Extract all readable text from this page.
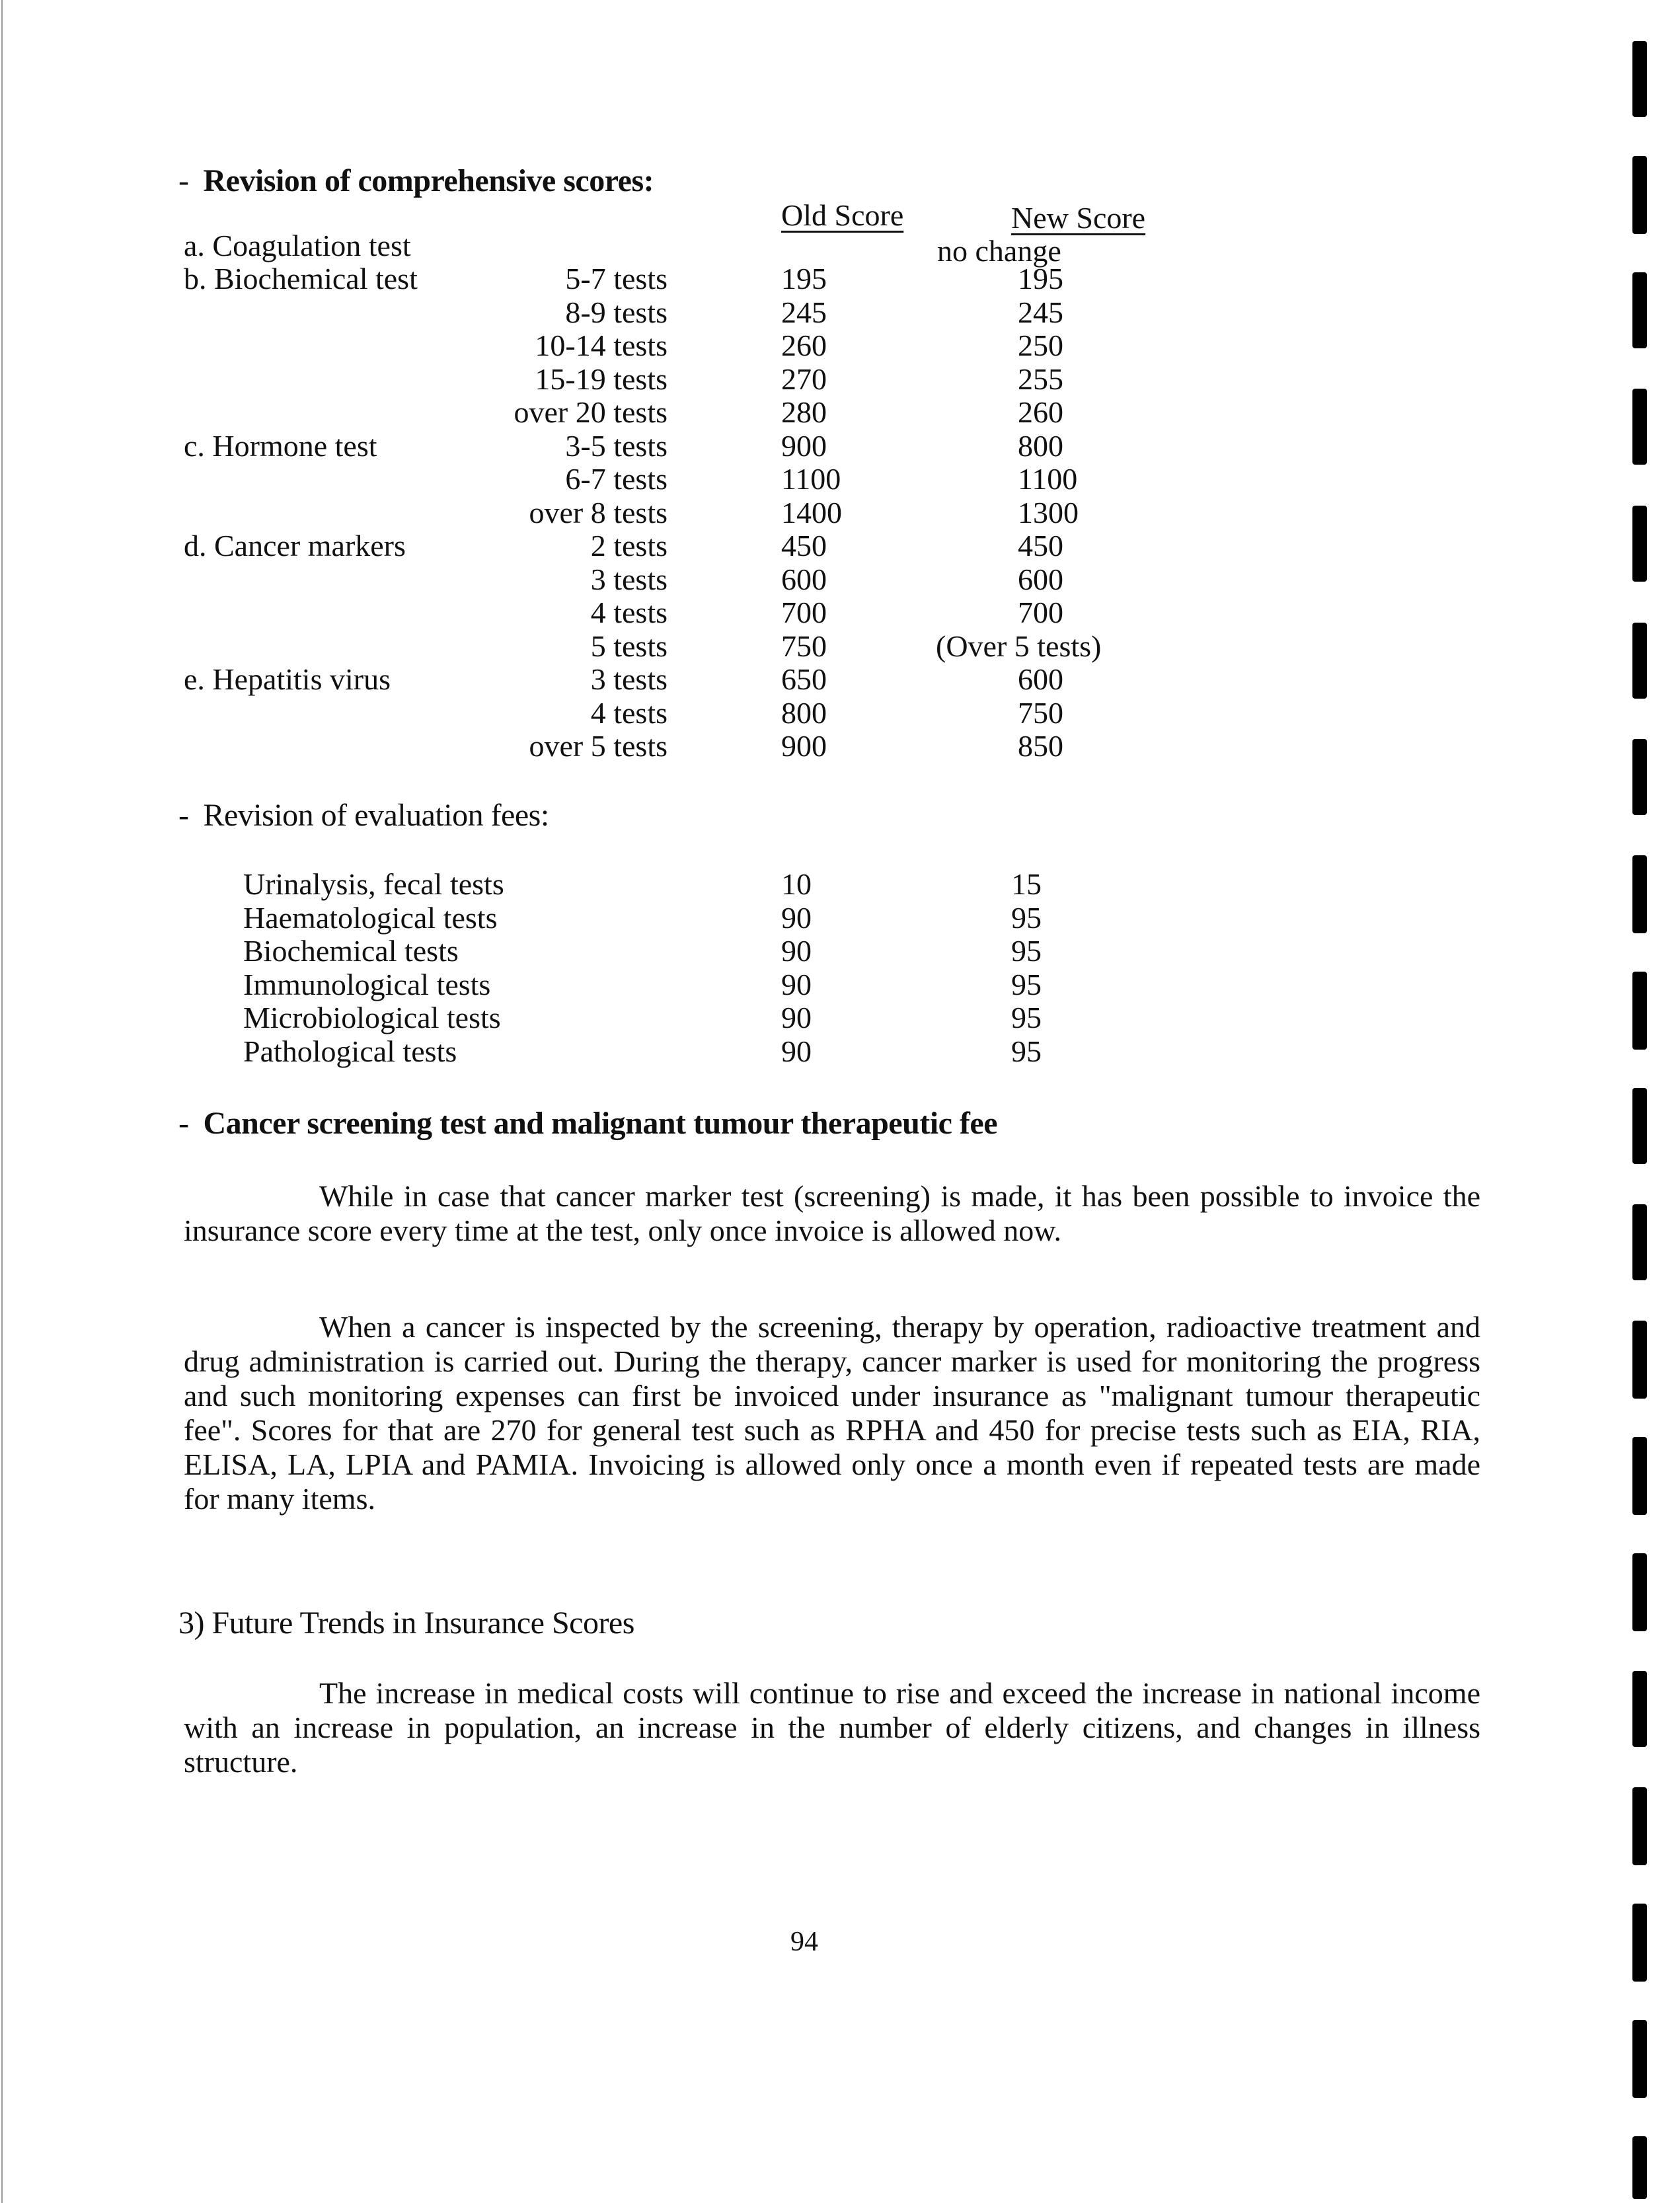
- Revision of comprehensive scores:
Old Score	New Score
a. Coagulation test	no change
b. Biochemical test	5-7 tests	195	195
8-9 tests	245	245
10-14 tests	260	250
15-19 tests	270	255
over 20 tests	280	260
c. Hormone test	3-5 tests	900	800
6-7 tests	1100	1100
over 8 tests	1400	1300
d. Cancer markers	2 tests	450	450
3 tests	600	600
4 tests	700	700
5 tests	750	(Over 5 tests)
e. Hepatitis virus	3 tests	650	600
4 tests	800	750
over 5 tests	900	850
- Revision of evaluation fees:
Urinalysis, fecal tests	10	15
Haematological tests	90	95
Biochemical tests	90	95
Immunological tests	90	95
Microbiological tests	90	95
Pathological tests	90	95
- Cancer screening test and malignant tumour therapeutic fee
While in case that cancer marker test (screening) is made, it has been possible to invoice the insurance score every time at the test, only once invoice is allowed now.
When a cancer is inspected by the screening, therapy by operation, radioactive treatment and drug administration is carried out. During the therapy, cancer marker is used for monitoring the progress and such monitoring expenses can first be invoiced under insurance as "malignant tumour therapeutic fee". Scores for that are 270 for general test such as RPHA and 450 for precise tests such as EIA, RIA, ELISA, LA, LPIA and PAMIA. Invoicing is allowed only once a month even if repeated tests are made for many items.
3) Future Trends in Insurance Scores
The increase in medical costs will continue to rise and exceed the increase in national income with an increase in population, an increase in the number of elderly citizens, and changes in illness structure.
94
